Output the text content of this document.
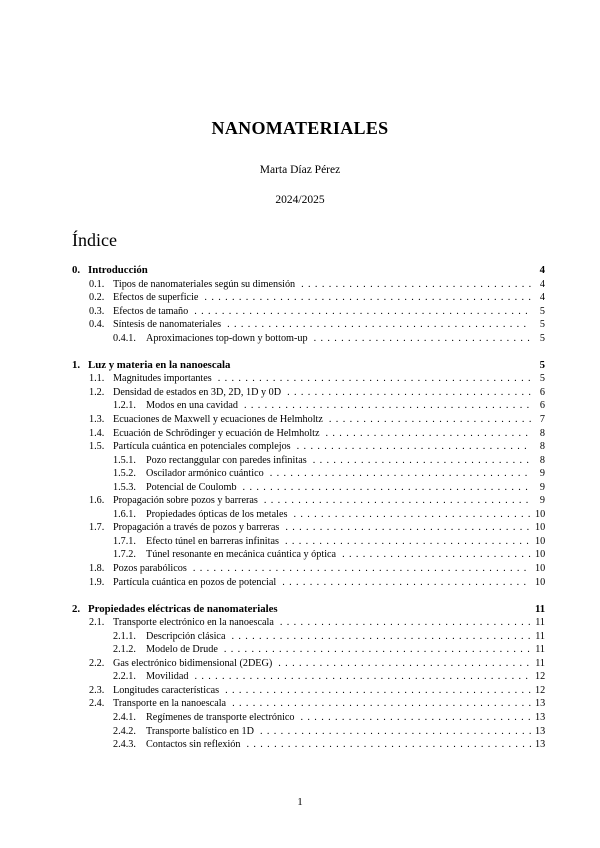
NANOMATERIALES
Marta Díaz Pérez
2024/2025
Índice
0. Introducción	4
0.1. Tipos de nanomateriales según su dimensión . . .	4
0.2. Efectos de superficie . . .	4
0.3. Efectos de tamaño . . .	5
0.4. Síntesis de nanomateriales . . .	5
0.4.1. Aproximaciones top-down y bottom-up . . .	5
1. Luz y materia en la nanoescala	5
1.1. Magnitudes importantes . . .	5
1.2. Densidad de estados en 3D, 2D, 1D y 0D . . .	6
1.2.1. Modos en una cavidad . . .	6
1.3. Ecuaciones de Maxwell y ecuaciones de Helmholtz . . .	7
1.4. Ecuación de Schrödinger y ecuación de Helmholtz . . .	8
1.5. Partícula cuántica en potenciales complejos . . .	8
1.5.1. Pozo rectanggular con paredes infinitas . . .	8
1.5.2. Oscilador armónico cuántico . . .	9
1.5.3. Potencial de Coulomb . . .	9
1.6. Propagación sobre pozos y barreras . . .	9
1.6.1. Propiedades ópticas de los metales . . .	10
1.7. Propagación a través de pozos y barreras . . .	10
1.7.1. Efecto túnel en barreras infinitas . . .	10
1.7.2. Túnel resonante en mecánica cuántica y óptica . . .	10
1.8. Pozos parabólicos . . .	10
1.9. Partícula cuántica en pozos de potencial . . .	10
2. Propiedades eléctricas de nanomateriales	11
2.1. Transporte electrónico en la nanoescala . . .	11
2.1.1. Descripción clásica . . .	11
2.1.2. Modelo de Drude . . .	11
2.2. Gas electrónico bidimensional (2DEG) . . .	11
2.2.1. Movilidad . . .	12
2.3. Longitudes características . . .	12
2.4. Transporte en la nanoescala . . .	13
2.4.1. Regímenes de transporte electrónico . . .	13
2.4.2. Transporte balístico en 1D . . .	13
2.4.3. Contactos sin reflexión . . .	13
1
